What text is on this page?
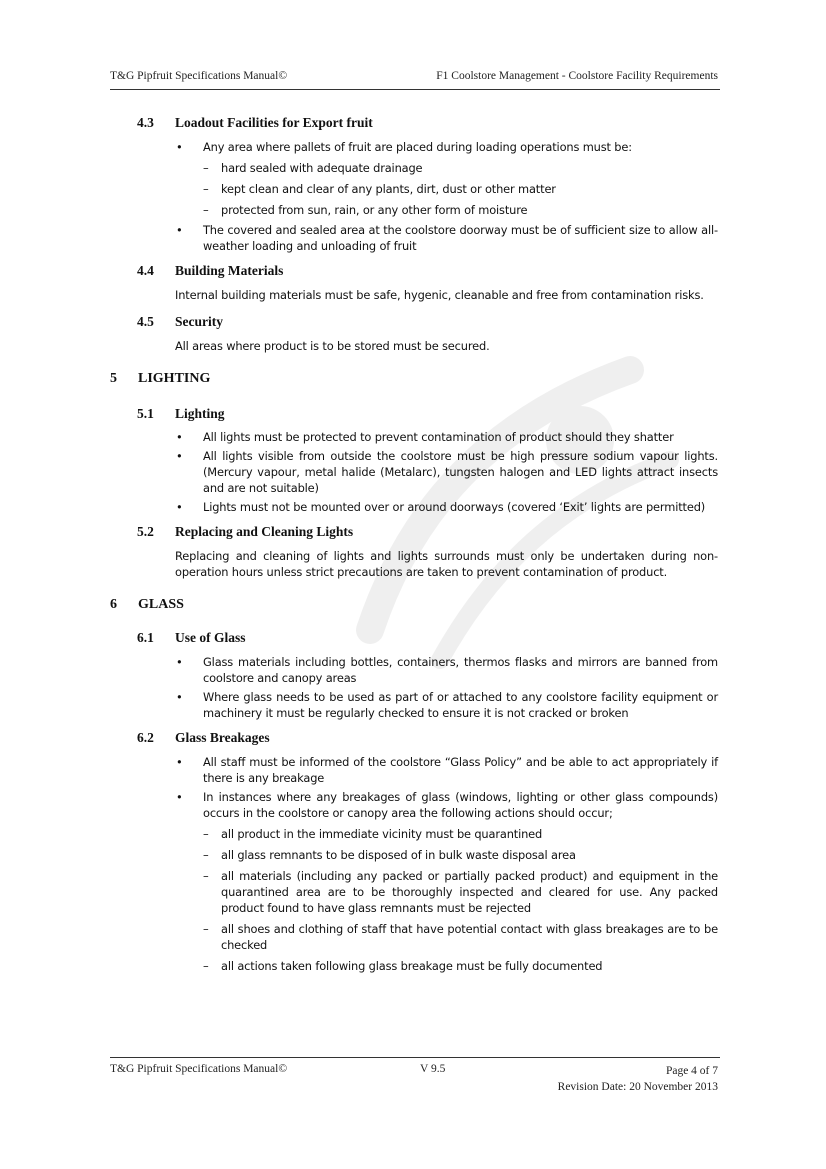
T&G Pipfruit Specifications Manual©	F1 Coolstore Management - Coolstore Facility Requirements
4.3 Loadout Facilities for Export fruit
• Any area where pallets of fruit are placed during loading operations must be:
– hard sealed with adequate drainage
– kept clean and clear of any plants, dirt, dust or other matter
– protected from sun, rain, or any other form of moisture
• The covered and sealed area at the coolstore doorway must be of sufficient size to allow all-weather loading and unloading of fruit
4.4 Building Materials

Internal building materials must be safe, hygenic, cleanable and free from contamination risks.

4.5 Security

All areas where product is to be stored must be secured.

5 LIGHTING
5.1 Lighting
• All lights must be protected to prevent contamination of product should they shatter
• All lights visible from outside the coolstore must be high pressure sodium vapour lights. (Mercury vapour, metal halide (Metalarc), tungsten halogen and LED lights attract insects and are not suitable)
• Lights must not be mounted over or around doorways (covered ‘Exit’ lights are permitted)
5.2 Replacing and Cleaning Lights

Replacing and cleaning of lights and lights surrounds must only be undertaken during non-operation hours unless strict precautions are taken to prevent contamination of product.

6 GLASS
6.1 Use of Glass
• Glass materials including bottles, containers, thermos flasks and mirrors are banned from coolstore and canopy areas
• Where glass needs to be used as part of or attached to any coolstore facility equipment or machinery it must be regularly checked to ensure it is not cracked or broken
6.2 Glass Breakages
• All staff must be informed of the coolstore “Glass Policy” and be able to act appropriately if there is any breakage
• In instances where any breakages of glass (windows, lighting or other glass compounds) occurs in the coolstore or canopy area the following actions should occur;
– all product in the immediate vicinity must be quarantined
– all glass remnants to be disposed of in bulk waste disposal area
– all materials (including any packed or partially packed product) and equipment in the quarantined area are to be thoroughly inspected and cleared for use. Any packed product found to have glass remnants must be rejected
– all shoes and clothing of staff that have potential contact with glass breakages are to be checked
– all actions taken following glass breakage must be fully documented
T&G Pipfruit Specifications Manual©	V 9.5	Page 4 of 7
Revision Date: 20 November 2013
